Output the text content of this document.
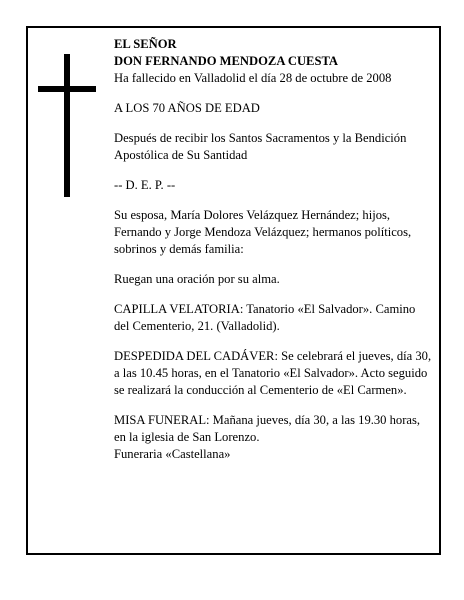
EL SEÑOR
DON FERNANDO MENDOZA CUESTA
Ha fallecido en Valladolid el día 28 de octubre de 2008

A LOS 70 AÑOS DE EDAD

Después de recibir los Santos Sacramentos y la Bendición Apostólica de Su Santidad

-- D. E. P. --

Su esposa, María Dolores Velázquez Hernández; hijos, Fernando y Jorge Mendoza Velázquez; hermanos políticos, sobrinos y demás familia:

Ruegan una oración por su alma.

CAPILLA VELATORIA: Tanatorio «El Salvador». Camino del Cementerio, 21. (Valladolid).

DESPEDIDA DEL CADÁVER: Se celebrará el jueves, día 30, a las 10.45 horas, en el Tanatorio «El Salvador». Acto seguido se realizará la conducción al Cementerio de «El Carmen».

MISA FUNERAL: Mañana jueves, día 30, a las 19.30 horas, en la iglesia de San Lorenzo.
Funeraria «Castellana»
